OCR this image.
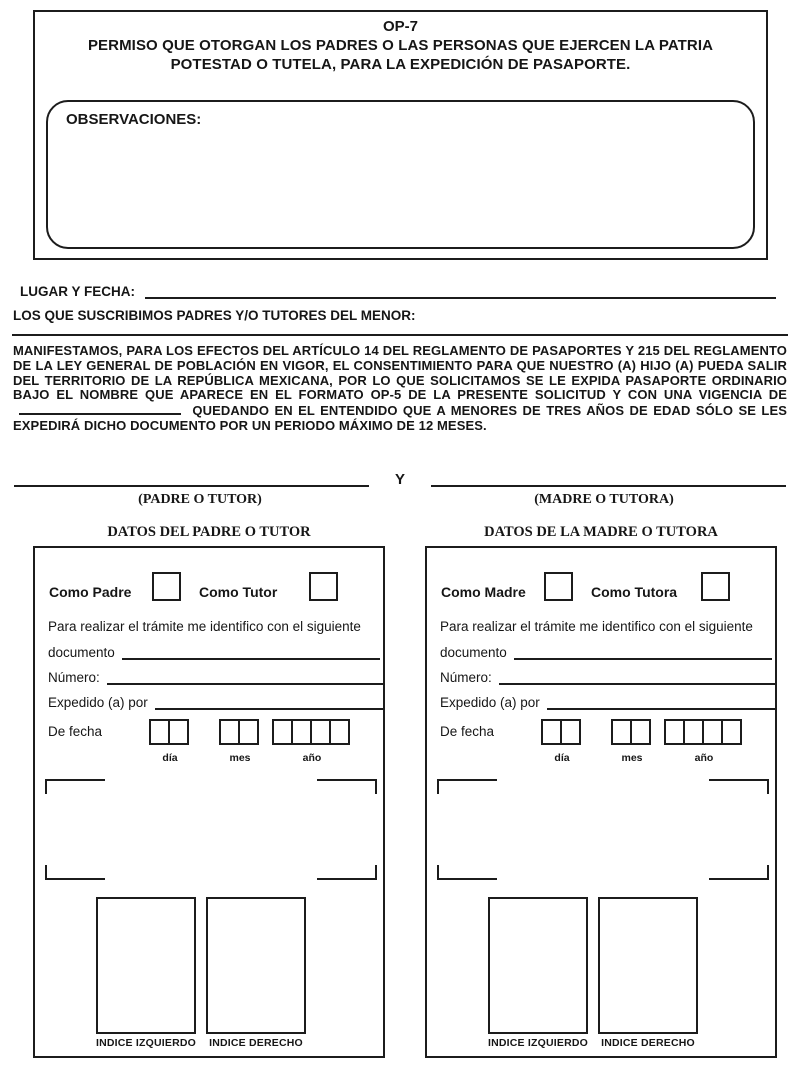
OP-7
PERMISO QUE OTORGAN LOS PADRES O LAS PERSONAS QUE EJERCEN LA PATRIA POTESTAD O TUTELA, PARA LA EXPEDICIÓN DE PASAPORTE.
OBSERVACIONES:
LUGAR Y FECHA:
LOS QUE SUSCRIBIMOS PADRES Y/O TUTORES DEL MENOR:
MANIFESTAMOS, PARA LOS EFECTOS DEL ARTÍCULO 14 DEL REGLAMENTO DE PASAPORTES Y 215 DEL REGLAMENTO DE LA LEY GENERAL DE POBLACIÓN EN VIGOR, EL CONSENTIMIENTO PARA QUE NUESTRO (A) HIJO (A) PUEDA SALIR DEL TERRITORIO DE LA REPÚBLICA MEXICANA, POR LO QUE SOLICITAMOS SE LE EXPIDA PASAPORTE ORDINARIO BAJO EL NOMBRE QUE APARECE EN EL FORMATO OP-5 DE LA PRESENTE SOLICITUD Y CON UNA VIGENCIA DE  QUEDANDO EN EL ENTENDIDO QUE A MENORES DE TRES AÑOS DE EDAD SÓLO SE LES EXPEDIRÁ DICHO DOCUMENTO POR UN PERIODO MÁXIMO DE 12 MESES.
Y
(PADRE O TUTOR)	(MADRE O TUTORA)
DATOS DEL PADRE O TUTOR	DATOS DE LA MADRE O TUTORA
Como Padre	Como Tutor
Para realizar el trámite me identifico con el siguiente
documento
Número:
Expedido (a) por
De fecha
día	mes	año
INDICE IZQUIERDO	INDICE DERECHO
Como Madre	Como Tutora
Para realizar el trámite me identifico con el siguiente
documento
Número:
Expedido (a) por
De fecha
día	mes	año
INDICE IZQUIERDO	INDICE DERECHO
